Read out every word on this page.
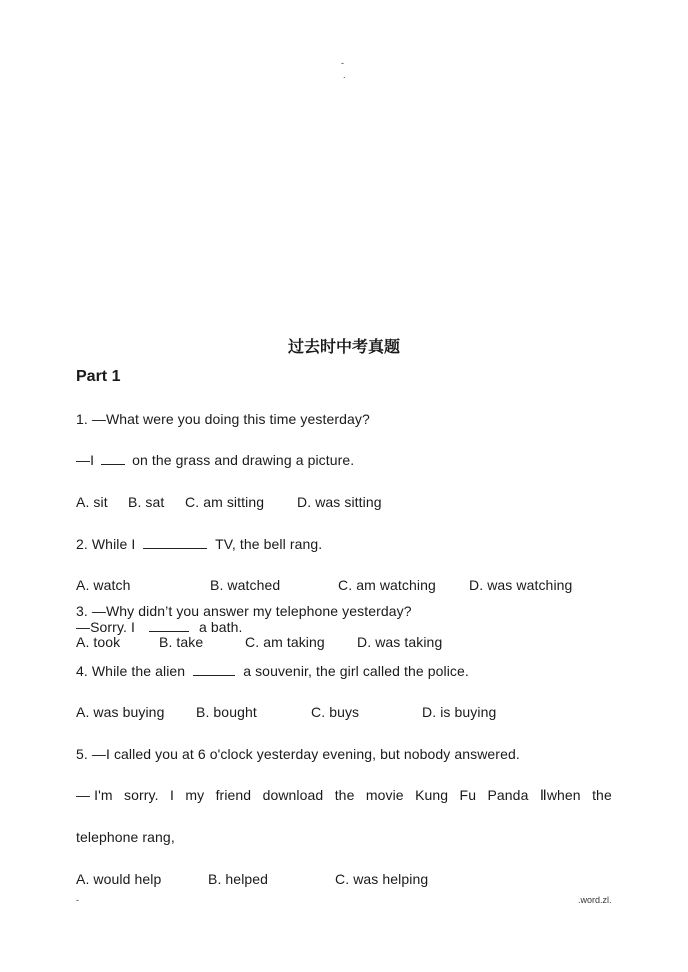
-
.
过去时中考真题
Part 1
1. —What were you doing this time yesterday?
—I	on the grass and drawing a picture.
A. sit B. sat C. am sitting D. was sitting
2. While I	TV, the bell rang.
A. watch	B. watched	C. am watching D. was watching
3. —Why didn’t you answer my telephone yesterday?
—Sorry. I	a bath.
A. took	B. take	C. am taking D. was taking
4. While the alien	a souvenir, the girl called the police.
A. was buying B. bought	C. buys	D. is buying
5. —I called you at 6 o'clock yesterday evening, but nobody answered.
— I'm sorry. I my friend download the movie Kung Fu Panda Ⅱwhen the
telephone rang,
A. would help	B. helped	C. was helping
-	.word.zl.
